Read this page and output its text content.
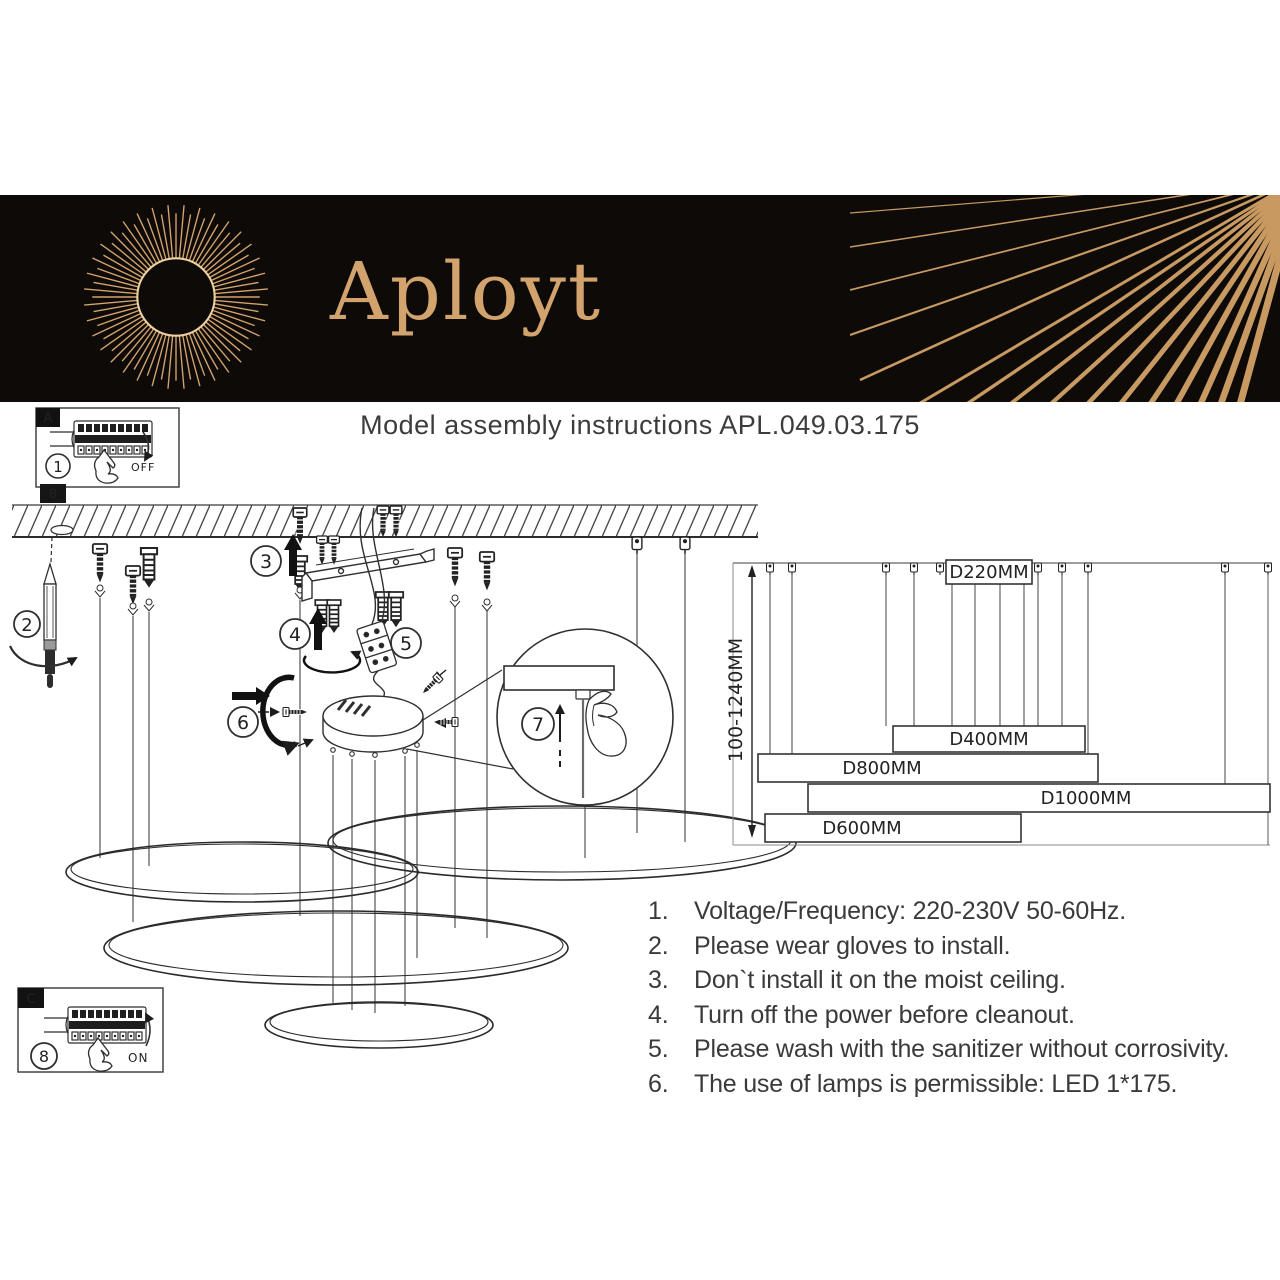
Aployt
Model assembly instructions APL.049.03.175
2
3
5
4
6	7
A
1	OFF
B
C
8	ON
100-1240MM
D220MM
D400MM
D800MM
D1000MM
D600MM
1.	Voltage/Frequency: 220-230V 50-60Hz.
2.	Please wear gloves to install.
3.	Don`t install it on the moist ceiling.
4.	Turn off the power before cleanout.
5.	Please wash with the sanitizer without corrosivity.
6.	The use of lamps is permissible: LED 1*175.
